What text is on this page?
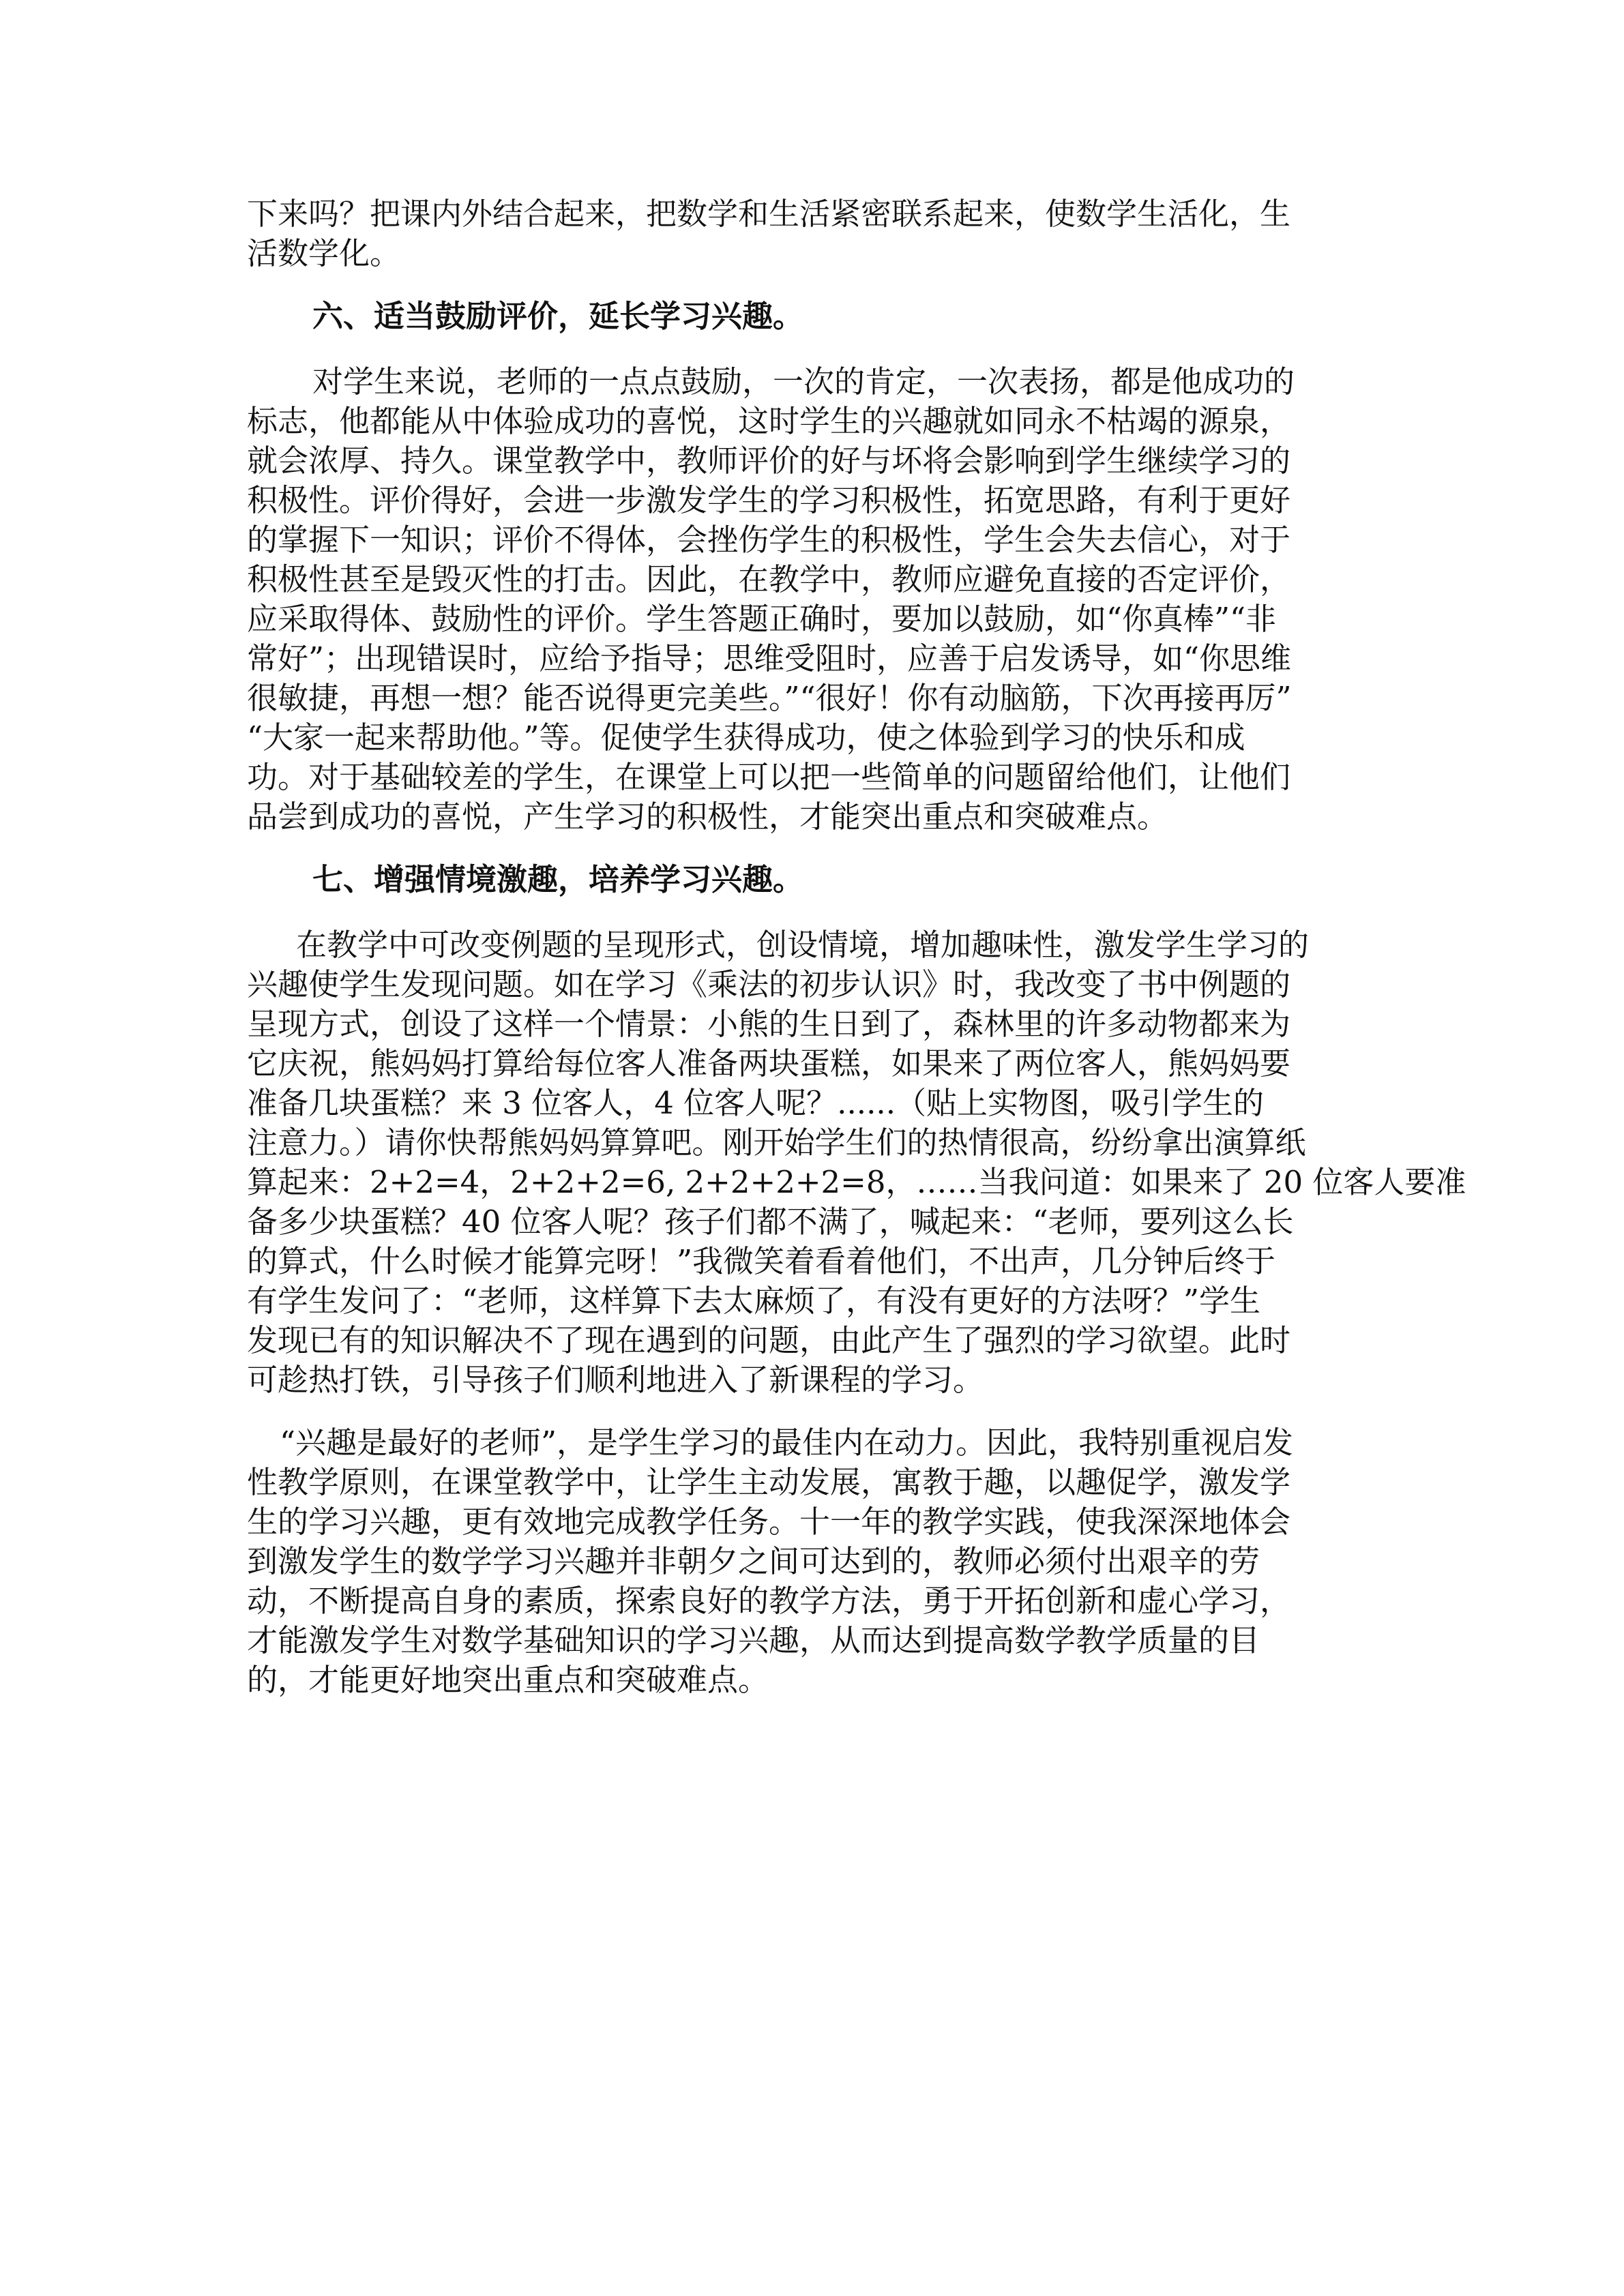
下来吗？把课内外结合起来，把数学和生活紧密联系起来，使数学生活化，生
活数学化。
六、适当鼓励评价，延长学习兴趣。
对学生来说，老师的一点点鼓励，一次的肯定，一次表扬，都是他成功的
标志，他都能从中体验成功的喜悦，这时学生的兴趣就如同永不枯竭的源泉，
就会浓厚、持久。课堂教学中，教师评价的好与坏将会影响到学生继续学习的
积极性。评价得好，会进一步激发学生的学习积极性，拓宽思路，有利于更好
的掌握下一知识；评价不得体，会挫伤学生的积极性，学生会失去信心，对于
积极性甚至是毁灭性的打击。因此，在教学中，教师应避免直接的否定评价，
应采取得体、鼓励性的评价。学生答题正确时，要加以鼓励，如“你真棒”“非
常好”；出现错误时，应给予指导；思维受阻时，应善于启发诱导，如“你思维
很敏捷，再想一想？能否说得更完美些。”“很好！你有动脑筋，下次再接再厉”
“大家一起来帮助他。”等。促使学生获得成功，使之体验到学习的快乐和成
功。对于基础较差的学生，在课堂上可以把一些简单的问题留给他们，让他们
品尝到成功的喜悦，产生学习的积极性，才能突出重点和突破难点。
七、增强情境激趣，培养学习兴趣。
在教学中可改变例题的呈现形式，创设情境，增加趣味性，激发学生学习的
兴趣使学生发现问题。如在学习《乘法的初步认识》时，我改变了书中例题的
呈现方式，创设了这样一个情景：小熊的生日到了，森林里的许多动物都来为
它庆祝，熊妈妈打算给每位客人准备两块蛋糕，如果来了两位客人，熊妈妈要
准备几块蛋糕？来 3 位客人，4 位客人呢？......（贴上实物图，吸引学生的
注意力。）请你快帮熊妈妈算算吧。刚开始学生们的热情很高，纷纷拿出演算纸
算起来：2+2=4，2+2+2=6, 2+2+2+2=8，……当我问道：如果来了 20 位客人要准
备多少块蛋糕？40 位客人呢？孩子们都不满了，喊起来：“老师，要列这么长
的算式，什么时候才能算完呀！”我微笑着看着他们，不出声，几分钟后终于
有学生发问了：“老师，这样算下去太麻烦了，有没有更好的方法呀？”学生
发现已有的知识解决不了现在遇到的问题，由此产生了强烈的学习欲望。此时
可趁热打铁，引导孩子们顺利地进入了新课程的学习。
“兴趣是最好的老师”，是学生学习的最佳内在动力。因此，我特别重视启发
性教学原则，在课堂教学中，让学生主动发展，寓教于趣，以趣促学，激发学
生的学习兴趣，更有效地完成教学任务。十一年的教学实践，使我深深地体会
到激发学生的数学学习兴趣并非朝夕之间可达到的，教师必须付出艰辛的劳
动，不断提高自身的素质，探索良好的教学方法，勇于开拓创新和虚心学习，
才能激发学生对数学基础知识的学习兴趣，从而达到提高数学教学质量的目
的，才能更好地突出重点和突破难点。
